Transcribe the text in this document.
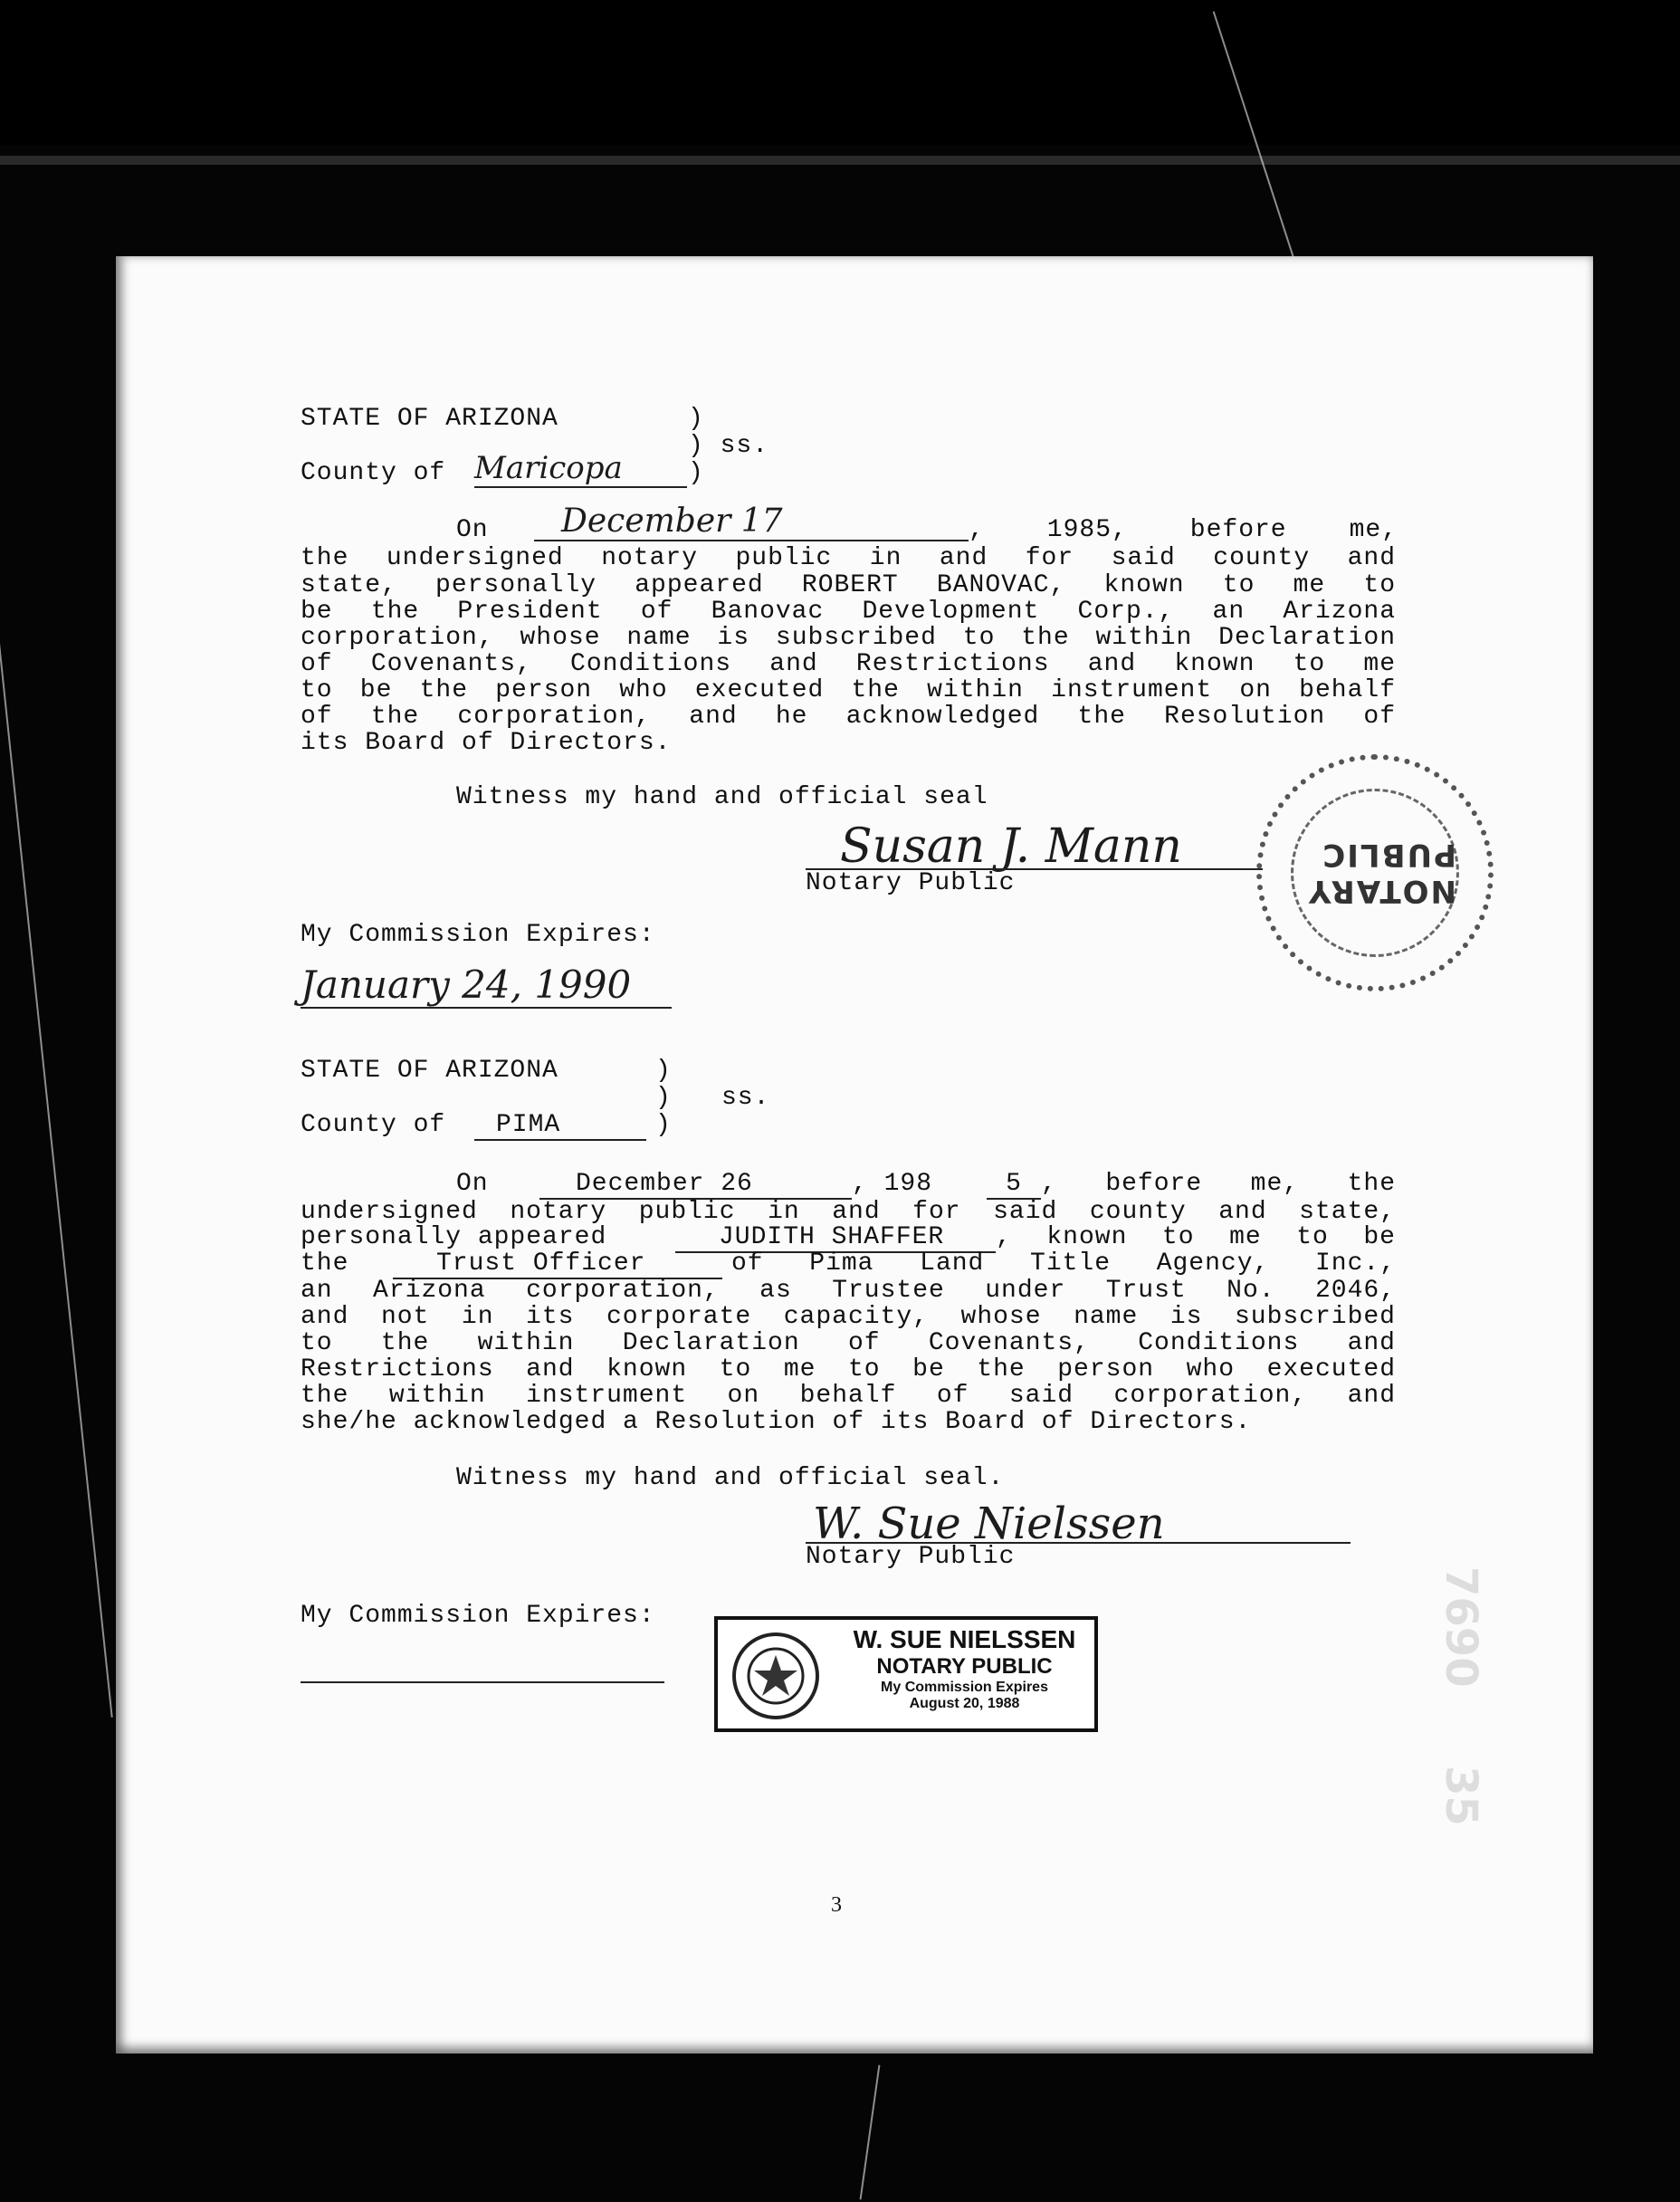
STATE OF ARIZONA	)
) ss.
County of Maricopa	)
On	December 17	, 1985, before me,
the undersigned notary public in and for said county and
state, personally appeared ROBERT BANOVAC, known to me to
be the President of Banovac Development Corp., an Arizona
corporation, whose name is subscribed to the within Declaration
of Covenants, Conditions and Restrictions and known to me
to be the person who executed the within instrument on behalf
of the corporation, and he acknowledged the Resolution of
its Board of Directors.
Witness my hand and official seal
Susan J. Mann
Notary Public	NOTARY PUBLIC
My Commission Expires:
January 24, 1990
STATE OF ARIZONA	)
) ss.
County of	PIMA	)
On	December 26	, 198	5 , before me, the
undersigned notary public in and for said county and state,
personally appeared	JUDITH SHAFFER	, known to me to be
the	Trust Officer	of Pima Land Title Agency, Inc.,
an Arizona corporation, as Trustee under Trust No. 2046,
and not in its corporate capacity, whose name is subscribed
to the within Declaration of Covenants, Conditions and
Restrictions and known to me to be the person who executed
the within instrument on behalf of said corporation, and
she/he acknowledged a Resolution of its Board of Directors.
Witness my hand and official seal.
W. Sue Nielssen
Notary Public
My Commission Expires:
W. SUE NIELSSEN
NOTARY PUBLIC
My Commission Expires
August 20, 1988
3
7690
35
